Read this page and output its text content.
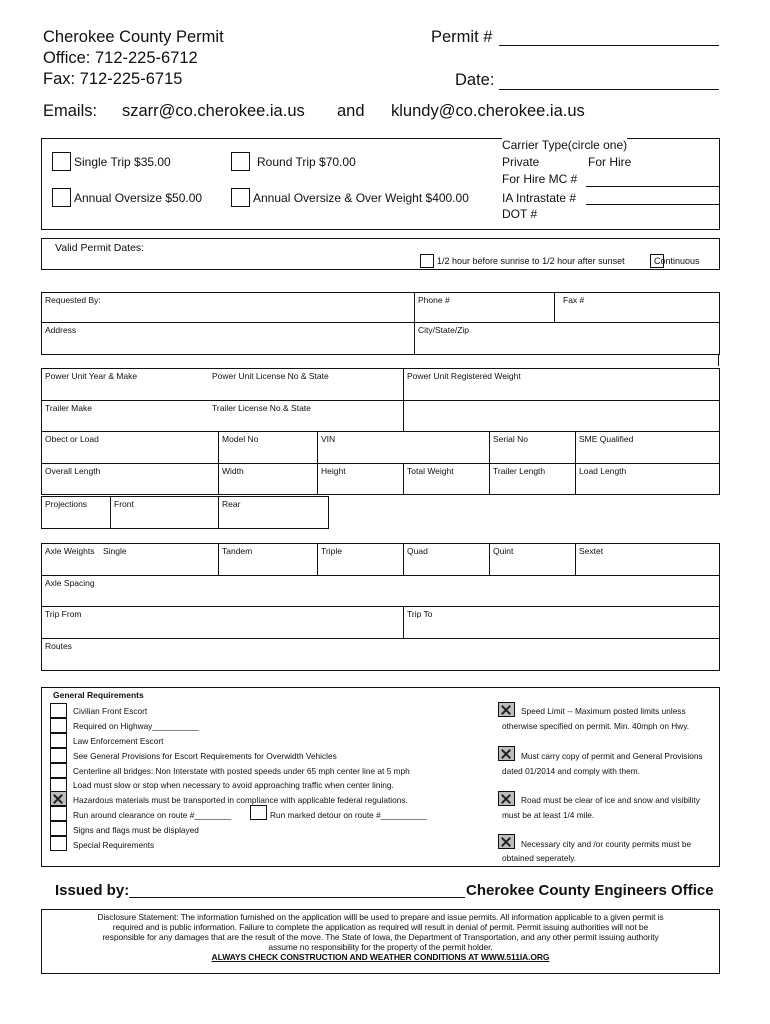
Cherokee County Permit
Office: 712-225-6712
Fax: 712-225-6715
Permit #
Date:
Emails: szarr@co.cherokee.ia.us and klundy@co.cherokee.ia.us
Single Trip $35.00	Round Trip $70.00
Annual Oversize $50.00	Annual Oversize & Over Weight $400.00
Carrier Type(circle one)
Private	For Hire
For Hire MC #
IA Intrastate #
DOT #
Valid Permit Dates:
1/2 hour before sunrise to 1/2 hour after sunset	Continuous
Requested By:	Phone #	Fax #
Address	City/State/Zip	
Power Unit Year & Make Power Unit License No & State			Power Unit Registered Weight		
Trailer Make Trailer License No & State					

Obect or Load	Model No	VIN		Serial No	SME Qualified
Overall Length	Width	Height	Total Weight	Trailer Length	Load Length
Projections	Front	Rear
Axle Weights Single	Tandem	Triple	Quad	Quint	Sextet
Axle Spacing					
Trip From			Trip To		
Routes					
General Requirements
Civilian Front Escort
Required on Highway__________
Law Enforcement Escort
See General Provisions for Escort Requirements for Overwidth Vehicles
Centerline all bridges: Non Interstate with posted speeds under 65 mph center line at 5 mph
Load must slow or stop when necessary to avoid approaching traffic when center lining.
Hazardous materials must be transported in compliance with applicable federal regulations.
Run around clearance on route #________	Run marked detour on route #__________
Signs and flags must be displayed
Special Requirements
Speed Limit -- Maximum posted limits unless
otherwise specified on permit. Min. 40mph on Hwy.
Must carry copy of permit and General Provisions
dated 01/2014 and comply with them.
Road must be clear of ice and snow and visibility
must be at least 1/4 mile.
Necessary city and /or county permits must be
obtained seperately.
Issued by:	Cherokee County Engineers Office
Disclosure Statement: The information furnished on the application willl be used to prepare and issue permits. All information applicable to a given permit is
required and is public information. Failure to complete the application as required will result in denial of permit. Permit issuing authorities will not be
responsible for any damages that are the result of the move. The State of Iowa, the Department of Transportation, and any other permit issuing authority
assume no responsibility for the property of the permit holder.
ALWAYS CHECK CONSTRUCTION AND WEATHER CONDITIONS AT WWW.511IA.ORG
